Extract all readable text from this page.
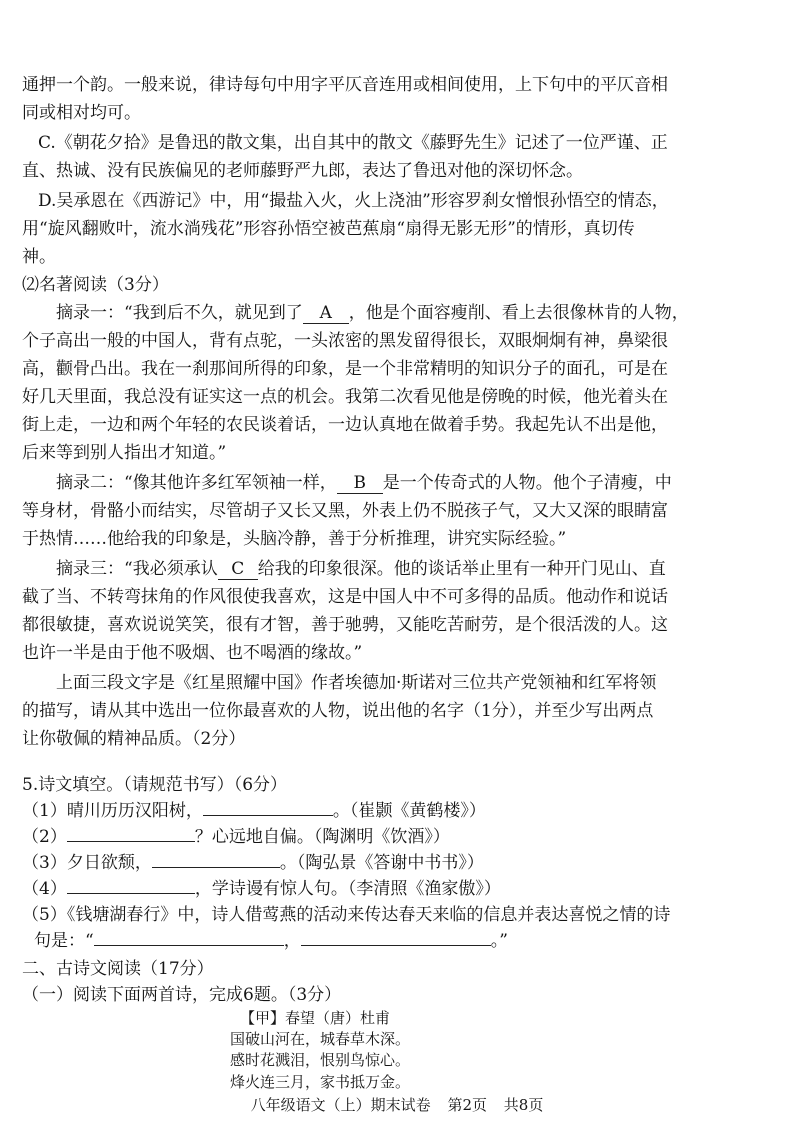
通押一个韵。一般来说，律诗每句中用字平仄音连用或相间使用，上下句中的平仄音相
同或相对均可。
C.《朝花夕拾》是鲁迅的散文集，出自其中的散文《藤野先生》记述了一位严谨、正
直、热诚、没有民族偏见的老师藤野严九郎，表达了鲁迅对他的深切怀念。
D.吴承恩在《西游记》中，用“撮盐入火，火上浇油”形容罗刹女憎恨孙悟空的情态，
用“旋风翻败叶，流水淌残花”形容孙悟空被芭蕉扇“扇得无影无形”的情形，真切传
神。
⑵名著阅读（3分）
摘录一：“我到后不久，就见到了 A ，他是个面容瘦削、看上去很像林肯的人物，
个子高出一般的中国人，背有点驼，一头浓密的黑发留得很长，双眼炯炯有神，鼻梁很
高，颧骨凸出。我在一刹那间所得的印象，是一个非常精明的知识分子的面孔，可是在
好几天里面，我总没有证实这一点的机会。我第二次看见他是傍晚的时候，他光着头在
街上走，一边和两个年轻的农民谈着话，一边认真地在做着手势。我起先认不出是他，
后来等到别人指出才知道。”
摘录二：“像其他许多红军领袖一样， B 是一个传奇式的人物。他个子清瘦，中
等身材，骨骼小而结实，尽管胡子又长又黑，外表上仍不脱孩子气，又大又深的眼睛富
于热情……他给我的印象是，头脑冷静，善于分析推理，讲究实际经验。”
摘录三：“我必须承认 C 给我的印象很深。他的谈话举止里有一种开门见山、直
截了当、不转弯抹角的作风很使我喜欢，这是中国人中不可多得的品质。他动作和说话
都很敏捷，喜欢说说笑笑，很有才智，善于驰骋，又能吃苦耐劳，是个很活泼的人。这
也许一半是由于他不吸烟、也不喝酒的缘故。”
上面三段文字是《红星照耀中国》作者埃德加·斯诺对三位共产党领袖和红军将领
的描写，请从其中选出一位你最喜欢的人物，说出他的名字（1分），并至少写出两点
让你敬佩的精神品质。（2分）
5.诗文填空。（请规范书写）（6分）
（1）晴川历历汉阳树，	。（崔颢《黄鹤楼》）
（2）	？心远地自偏。（陶渊明《饮酒》）
（3）夕日欲颓，	。（陶弘景《答谢中书书》）
（4）	，学诗谩有惊人句。（李清照《渔家傲》）
（5）《钱塘湖春行》中，诗人借莺燕的活动来传达春天来临的信息并表达喜悦之情的诗
句是：“	，	。”
二、古诗文阅读（17分）
（一）阅读下面两首诗，完成6题。（3分）
八年级语文（上）期末试卷 第2页 共8页
【甲】春望（唐）杜甫
国破山河在，城春草木深。
感时花溅泪，恨别鸟惊心。
烽火连三月，家书抵万金。
